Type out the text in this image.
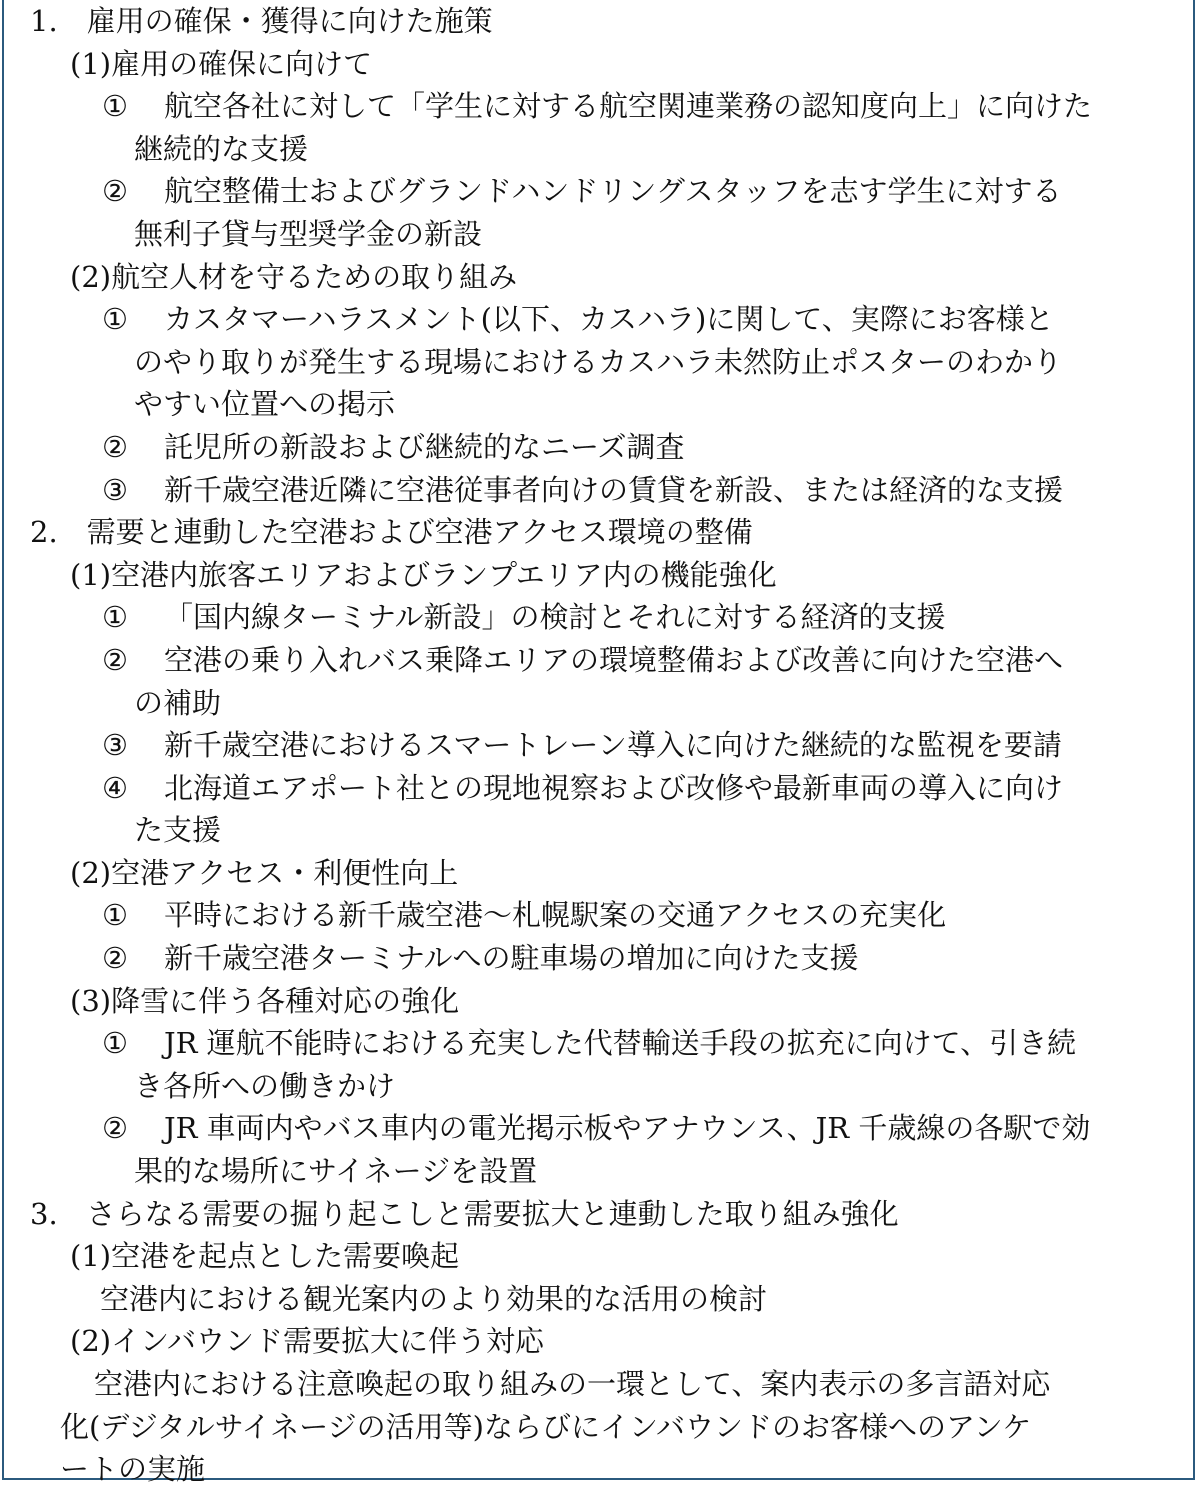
1.　雇用の確保・獲得に向けた施策
(1)雇用の確保に向けて
① 航空各社に対して「学生に対する航空関連業務の認知度向上」に向けた
継続的な支援
② 航空整備士およびグランドハンドリングスタッフを志す学生に対する
無利子貸与型奨学金の新設
(2)航空人材を守るための取り組み
① カスタマーハラスメント(以下、カスハラ)に関して、実際にお客様と
のやり取りが発生する現場におけるカスハラ未然防止ポスターのわかり
やすい位置への掲示
② 託児所の新設および継続的なニーズ調査
③ 新千歳空港近隣に空港従事者向けの賃貸を新設、または経済的な支援
2.　需要と連動した空港および空港アクセス環境の整備
(1)空港内旅客エリアおよびランプエリア内の機能強化
① 「国内線ターミナル新設」の検討とそれに対する経済的支援
② 空港の乗り入れバス乗降エリアの環境整備および改善に向けた空港へ
の補助
③ 新千歳空港におけるスマートレーン導入に向けた継続的な監視を要請
④ 北海道エアポート社との現地視察および改修や最新車両の導入に向け
た支援
(2)空港アクセス・利便性向上
① 平時における新千歳空港～札幌駅案の交通アクセスの充実化
② 新千歳空港ターミナルへの駐車場の増加に向けた支援
(3)降雪に伴う各種対応の強化
① JR 運航不能時における充実した代替輸送手段の拡充に向けて、引き続
き各所への働きかけ
② JR 車両内やバス車内の電光掲示板やアナウンス、JR 千歳線の各駅で効
果的な場所にサイネージを設置
3.　さらなる需要の掘り起こしと需要拡大と連動した取り組み強化
(1)空港を起点とした需要喚起
空港内における観光案内のより効果的な活用の検討
(2)インバウンド需要拡大に伴う対応
空港内における注意喚起の取り組みの一環として、案内表示の多言語対応
化(デジタルサイネージの活用等)ならびにインバウンドのお客様へのアンケ
ートの実施
